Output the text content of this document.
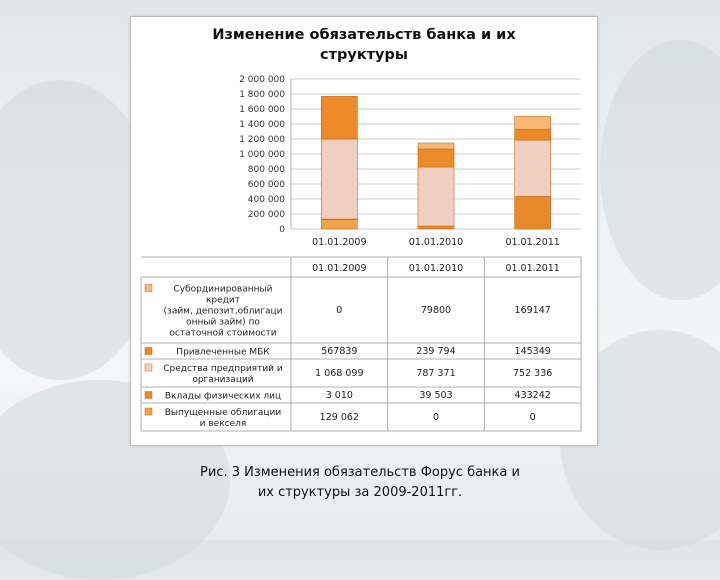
Изменение обязательств банка и их
структуры
2 000 000
1 800 000
1 600 000
1 400 000
1 200 000
1 000 000
800 000
600 000
400 000
200 000
0
01.01.2009	01.01.2010	01.01.2011
01.01.2009	01.01.2010	01.01.2011
Субординированный
кредит
(займ, депозит,облигаци
онный займ) по
остаточной стоимости
0	79800	169147
Привлеченные МБК	567839	239 794	145349
Средства предприятий и
организаций
1 068 099	787 371	752 336
Вклады физических лиц	3 010	39 503	433242
Выпущенные облигации
и векселя
129 062	0	0
Рис. 3 Изменения обязательств Форус банка и
их структуры за 2009-2011гг.
